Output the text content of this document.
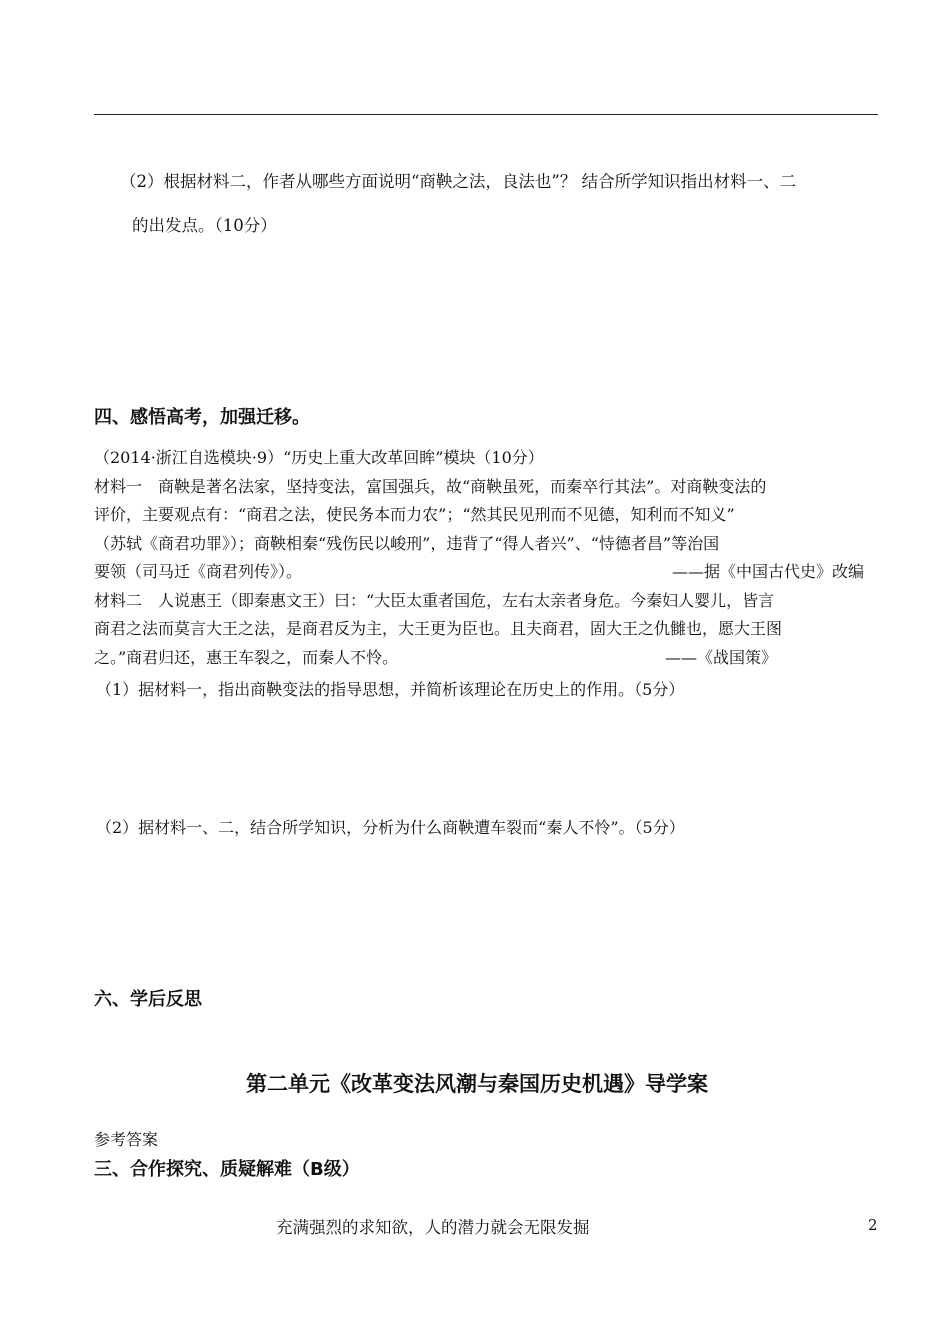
（2）根据材料二，作者从哪些方面说明“商鞅之法，良法也”？ 结合所学知识指出材料一、二
的出发点。（10分）
四、感悟高考，加强迁移。
（2014·浙江自选模块·9）“历史上重大改革回眸”模块（10分）
材料一　商鞅是著名法家，坚持变法，富国强兵，故“商鞅虽死，而秦卒行其法”。对商鞅变法的
评价，主要观点有：“商君之法，使民务本而力农”；“然其民见刑而不见德，知利而不知义”
（苏轼《商君功罪》）；商鞅相秦“残伤民以峻刑”，违背了“得人者兴”、“恃德者昌”等治国
要领（司马迁《商君列传》）。	——据《中国古代史》改编
材料二　人说惠王（即秦惠文王）曰：“大臣太重者国危，左右太亲者身危。今秦妇人婴儿，皆言
商君之法而莫言大王之法，是商君反为主，大王更为臣也。且夫商君，固大王之仇雠也，愿大王图
之。”商君归还，惠王车裂之，而秦人不怜。	——《战国策》
（1）据材料一，指出商鞅变法的指导思想，并简析该理论在历史上的作用。（5分）
（2）据材料一、二，结合所学知识，分析为什么商鞅遭车裂而“秦人不怜”。（5分）
六、学后反思
第二单元《改革变法风潮与秦国历史机遇》导学案
参考答案
三、合作探究、质疑解难（B级）
充满强烈的求知欲，人的潜力就会无限发掘	2
